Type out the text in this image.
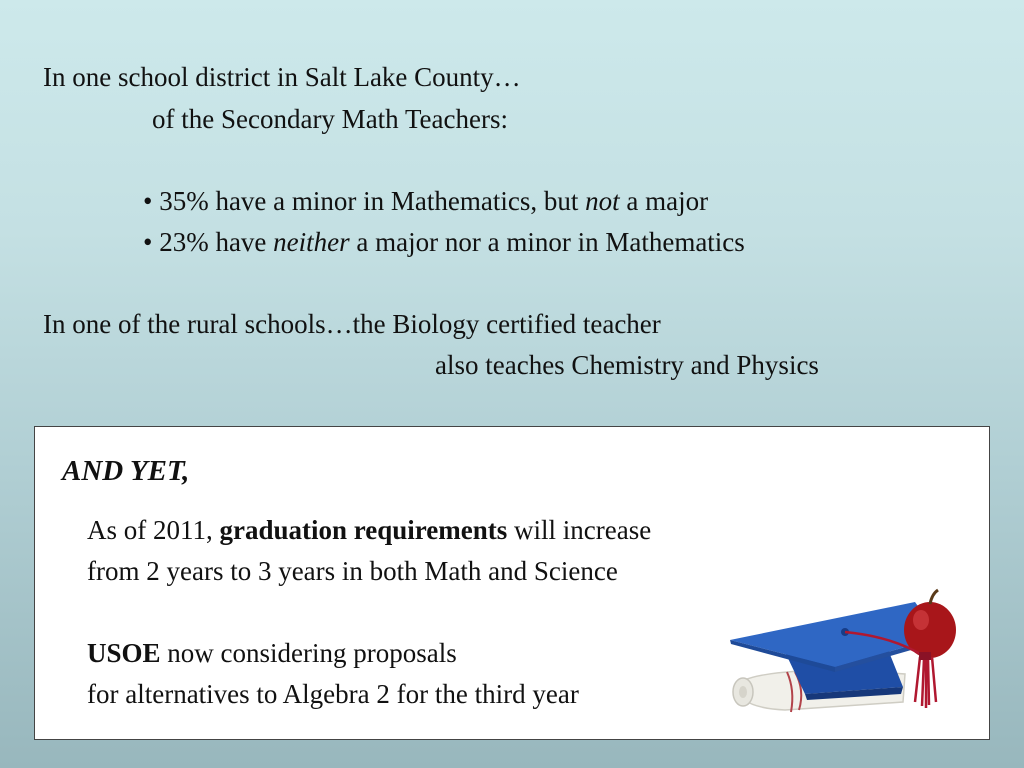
In one school district in Salt Lake County…
of the Secondary Math Teachers:
• 35% have a minor in Mathematics, but not a major
• 23% have neither a major nor a minor in Mathematics
In one of the rural schools…the Biology certified teacher
also teaches Chemistry and Physics
AND YET,
As of 2011, graduation requirements will increase
from 2 years to 3 years in both Math and Science
USOE now considering proposals
for alternatives to Algebra 2 for the third year
